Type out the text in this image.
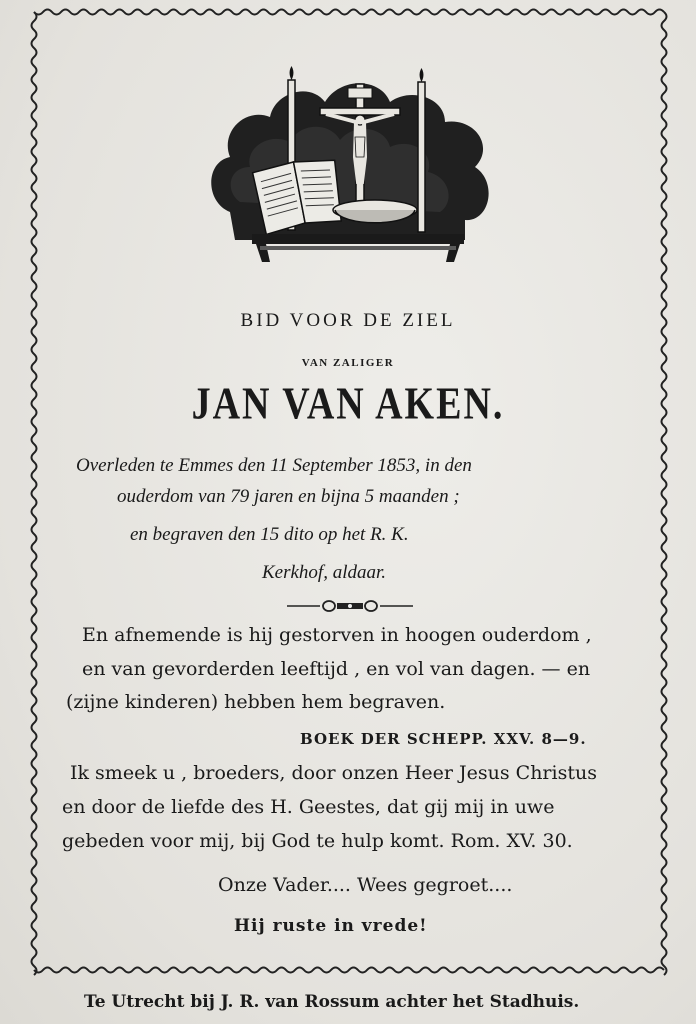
BID VOOR DE ZIEL
VAN ZALIGER
JAN VAN AKEN.
Overleden te Emmes den 11 September 1853, in den
ouderdom van 79 jaren en bijna 5 maanden ;
en begraven den 15 dito op het R. K.
Kerkhof, aldaar.
En afnemende is hij gestorven in hoogen ouderdom ,
en van gevorderden leeftijd , en vol van dagen. — en
(zijne kinderen) hebben hem begraven.
BOEK DER SCHEPP. XXV. 8—9.
Ik smeek u , broeders, door onzen Heer Jesus Christus
en door de liefde des H. Geestes, dat gij mij in uwe
gebeden voor mij, bij God te hulp komt. Rom. XV. 30.
Onze Vader.... Wees gegroet....
Hij ruste in vrede!
Te Utrecht bij J. R. van Rossum achter het Stadhuis.
